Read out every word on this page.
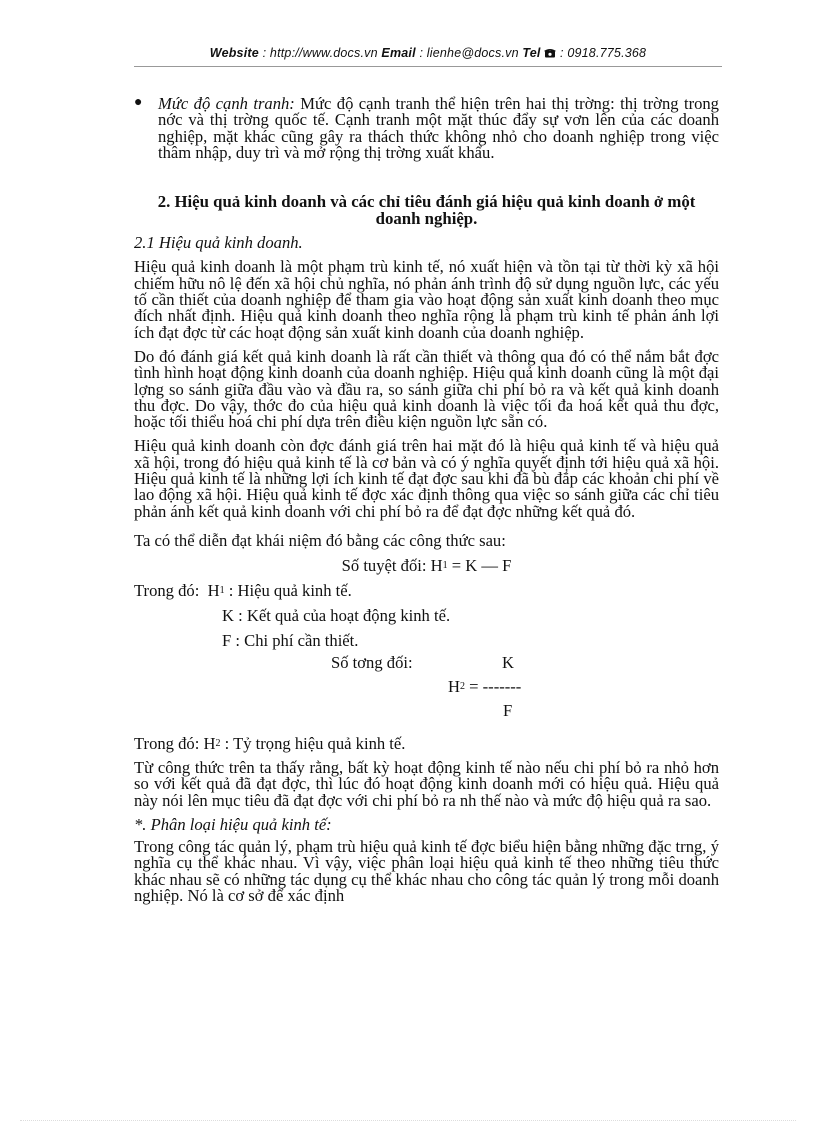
Website : http://www.docs.vn Email : lienhe@docs.vn Tel  : 0918.775.368
● Mức độ cạnh tranh: Mức độ cạnh tranh thể hiện trên hai thị trờng: thị trờng trong nớc và thị trờng quốc tế. Cạnh tranh một mặt thúc đẩy sự vơn lên của các doanh nghiệp, mặt khác cũng gây ra thách thức không nhỏ cho doanh nghiệp trong việc thâm nhập, duy trì và mở rộng thị trờng xuất khẩu.

2. Hiệu quả kinh doanh và các chỉ tiêu đánh giá hiệu quả kinh doanh ở một doanh nghiệp.
2.1 Hiệu quả kinh doanh.

Hiệu quả kinh doanh là một phạm trù kinh tế, nó xuất hiện và tồn tại từ thời kỳ xã hội chiếm hữu nô lệ đến xã hội chủ nghĩa, nó phản ánh trình độ sử dụng nguồn lực, các yếu tố cần thiết của doanh nghiệp để tham gia vào hoạt động sản xuất kinh doanh theo mục đích nhất định. Hiệu quả kinh doanh theo nghĩa rộng là phạm trù kinh tế phản ánh lợi ích đạt đợc từ các hoạt động sản xuất kinh doanh của doanh nghiệp.

Do đó đánh giá kết quả kinh doanh là rất cần thiết và thông qua đó có thể nắm bắt đợc tình hình hoạt động kinh doanh của doanh nghiệp. Hiệu quả kinh doanh cũng là một đại lợng so sánh giữa đầu vào và đầu ra, so sánh giữa chi phí bỏ ra và kết quả kinh doanh thu đợc. Do vậy, thớc đo của hiệu quả kinh doanh là việc tối đa hoá kết quả thu đợc, hoặc tối thiểu hoá chi phí dựa trên điều kiện nguồn lực sẵn có.

Hiệu quả kinh doanh còn đợc đánh giá trên hai mặt đó là hiệu quả kinh tế và hiệu quả xã hội, trong đó hiệu quả kinh tế là cơ bản và có ý nghĩa quyết định tới hiệu quả xã hội. Hiệu quả kinh tế là những lợi ích kinh tế đạt đợc sau khi đã bù đắp các khoản chi phí về lao động xã hội. Hiệu quả kinh tế đợc xác định thông qua việc so sánh giữa các chỉ tiêu phản ánh kết quả kinh doanh với chi phí bỏ ra để đạt đợc những kết quả đó.

Ta có thể diễn đạt khái niệm đó bằng các công thức sau:

Số tuyệt đối: $H_1 = K$ — F

Trong đó: $H_1$ : Hiệu quả kinh tế.

K : Kết quả của hoạt động kinh tế.

F : Chi phí cần thiết.

Số tơng đối:	K
$H_2$ = -------
F

Trong đó: $H_2$ : Tỷ trọng hiệu quả kinh tế.

Từ công thức trên ta thấy rằng, bất kỳ hoạt động kinh tế nào nếu chi phí bỏ ra nhỏ hơn so với kết quả đã đạt đợc, thì lúc đó hoạt động kinh doanh mới có hiệu quả. Hiệu quả này nói lên mục tiêu đã đạt đợc với chi phí bỏ ra nh thế nào và mức độ hiệu quả ra sao.

*. Phân loại hiệu quả kinh tế:

Trong công tác quản lý, phạm trù hiệu quả kinh tế đợc biểu hiện bằng những đặc trng, ý nghĩa cụ thể khác nhau. Vì vậy, việc phân loại hiệu quả kinh tế theo những tiêu thức khác nhau sẽ có những tác dụng cụ thể khác nhau cho công tác quản lý trong mỗi doanh nghiệp. Nó là cơ sở để xác định
